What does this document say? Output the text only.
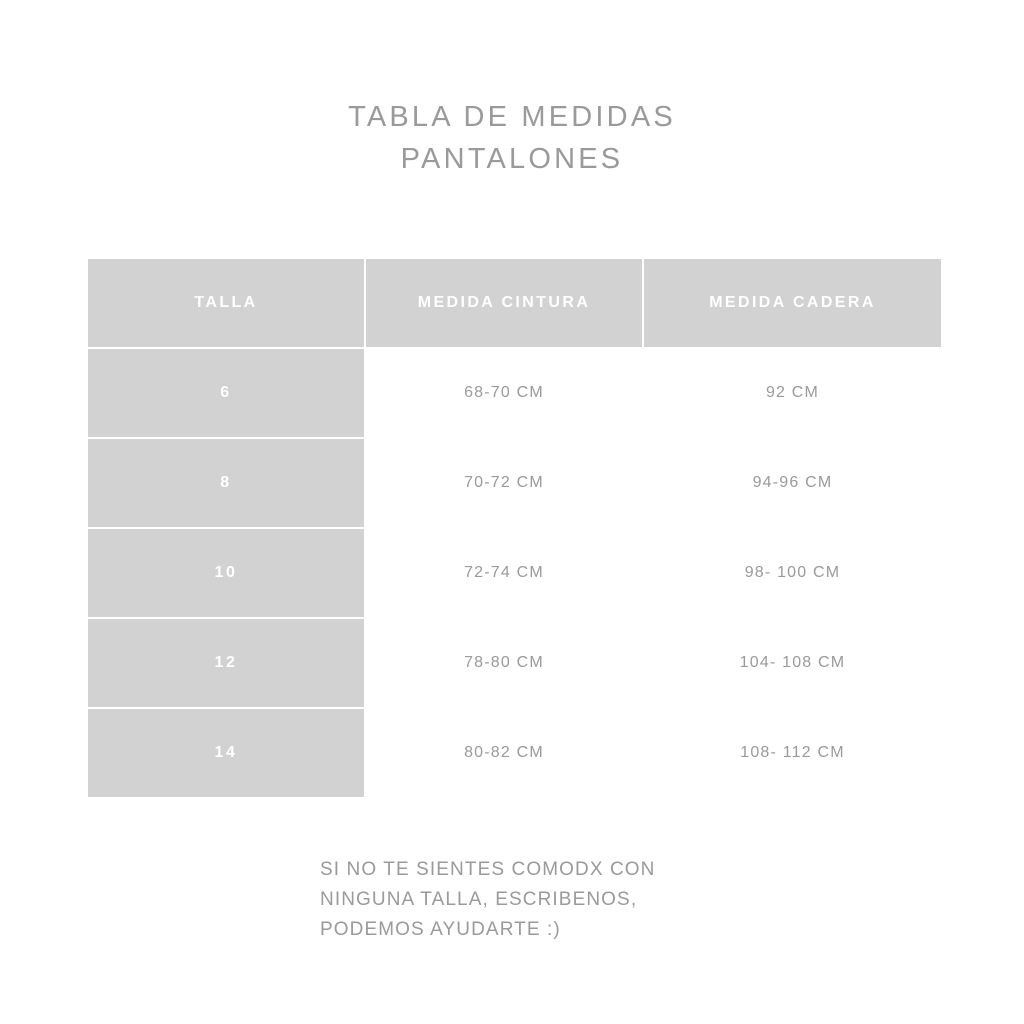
TABLA DE MEDIDAS
PANTALONES
TALLA	MEDIDA CINTURA	MEDIDA CADERA
6	68-70 CM	92 CM
8	70-72 CM	94-96 CM
10	72-74 CM	98- 100 CM
12	78-80 CM	104- 108 CM
14	80-82 CM	108- 112 CM
SI NO TE SIENTES COMODX CON
NINGUNA TALLA, ESCRIBENOS,
PODEMOS AYUDARTE :)
